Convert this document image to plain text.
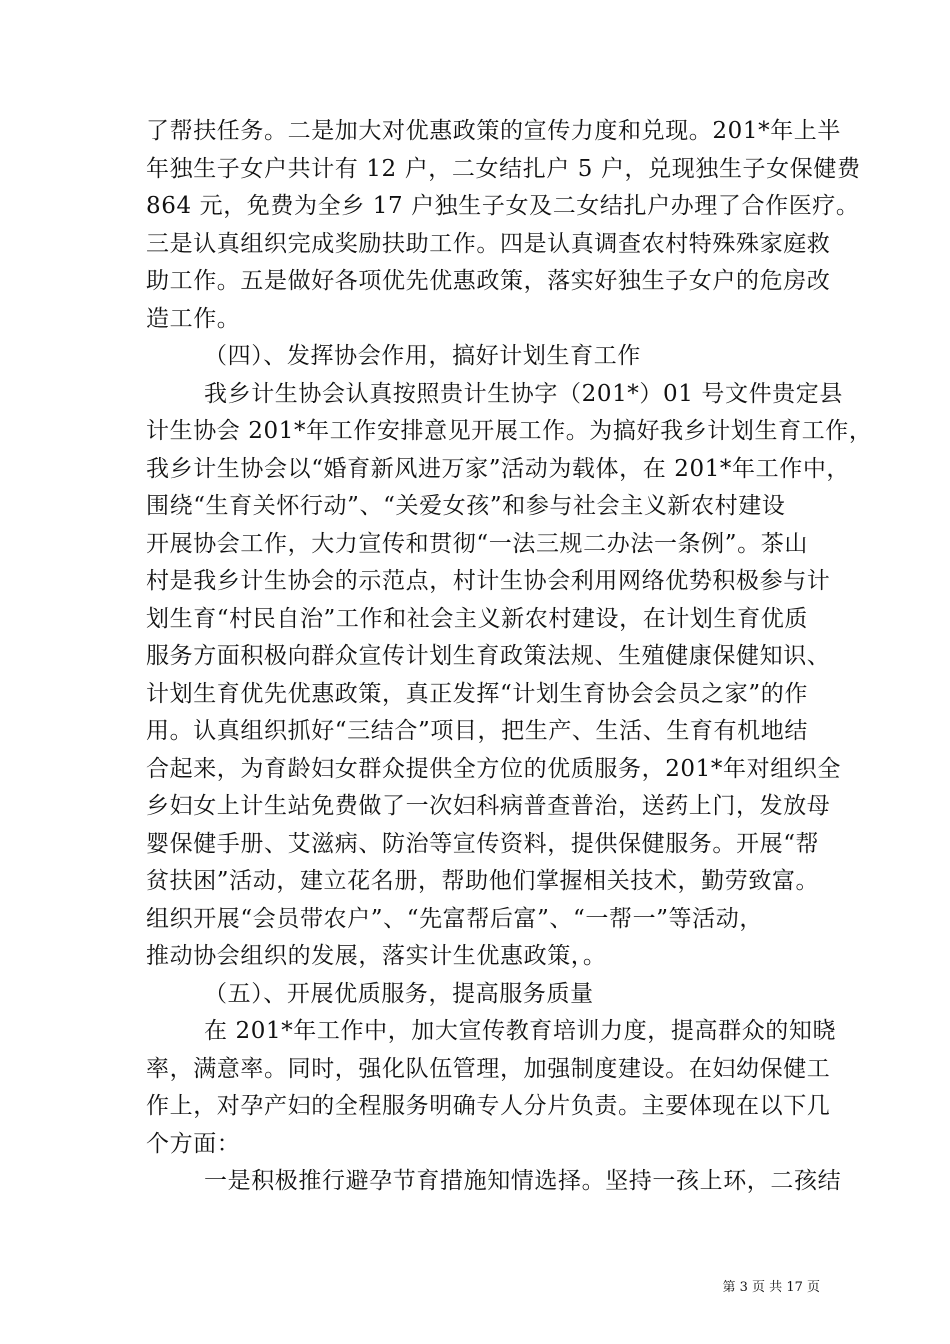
了帮扶任务。二是加大对优惠政策的宣传力度和兑现。201*年上半
年独生子女户共计有 12 户，二女结扎户 5 户，兑现独生子女保健费
864 元，免费为全乡 17 户独生子女及二女结扎户办理了合作医疗。
三是认真组织完成奖励扶助工作。四是认真调查农村特殊殊家庭救
助工作。五是做好各项优先优惠政策，落实好独生子女户的危房改
造工作。
（四）、发挥协会作用，搞好计划生育工作
我乡计生协会认真按照贵计生协字（201*）01 号文件贵定县
计生协会 201*年工作安排意见开展工作。为搞好我乡计划生育工作，
我乡计生协会以“婚育新风进万家”活动为载体，在 201*年工作中，
围绕“生育关怀行动”、“关爱女孩”和参与社会主义新农村建设
开展协会工作，大力宣传和贯彻“一法三规二办法一条例”。茶山
村是我乡计生协会的示范点，村计生协会利用网络优势积极参与计
划生育“村民自治”工作和社会主义新农村建设，在计划生育优质
服务方面积极向群众宣传计划生育政策法规、生殖健康保健知识、
计划生育优先优惠政策，真正发挥“计划生育协会会员之家”的作
用。认真组织抓好“三结合”项目，把生产、生活、生育有机地结
合起来，为育龄妇女群众提供全方位的优质服务，201*年对组织全
乡妇女上计生站免费做了一次妇科病普查普治，送药上门，发放母
婴保健手册、艾滋病、防治等宣传资料，提供保健服务。开展“帮
贫扶困”活动，建立花名册，帮助他们掌握相关技术，勤劳致富。
组织开展“会员带农户”、“先富帮后富”、“一帮一”等活动，
推动协会组织的发展，落实计生优惠政策，。
（五）、开展优质服务，提高服务质量
在 201*年工作中，加大宣传教育培训力度，提高群众的知晓
率，满意率。同时，强化队伍管理，加强制度建设。在妇幼保健工
作上，对孕产妇的全程服务明确专人分片负责。主要体现在以下几
个方面：
一是积极推行避孕节育措施知情选择。坚持一孩上环，二孩结
第 3 页 共 17 页
